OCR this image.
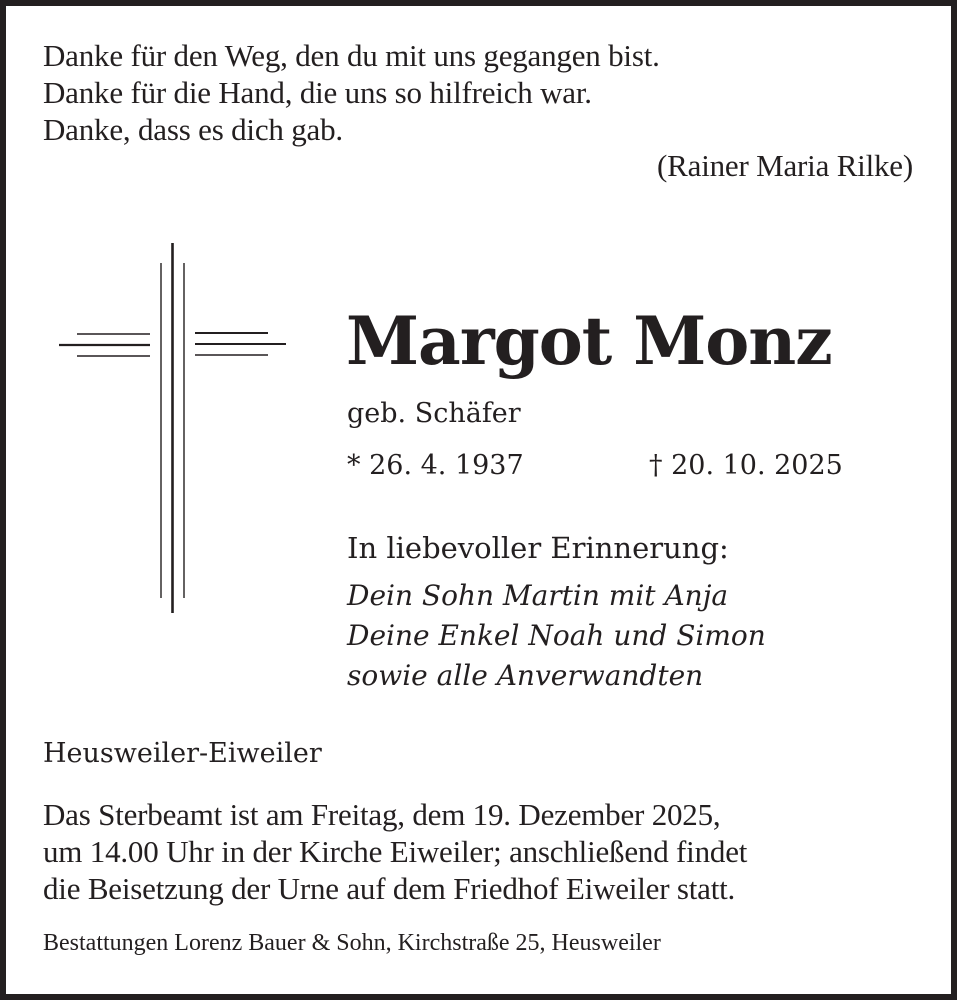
Danke für den Weg, den du mit uns gegangen bist.
Danke für die Hand, die uns so hilfreich war.
Danke, dass es dich gab.
(Rainer Maria Rilke)
Margot Monz
geb. Schäfer
* 26. 4. 1937	† 20. 10. 2025
In liebevoller Erinnerung:
Dein Sohn Martin mit Anja
Deine Enkel Noah und Simon
sowie alle Anverwandten
Heusweiler-Eiweiler
Das Sterbeamt ist am Freitag, dem 19. Dezember 2025,
um 14.00 Uhr in der Kirche Eiweiler; anschließend findet
die Beisetzung der Urne auf dem Friedhof Eiweiler statt.
Bestattungen Lorenz Bauer & Sohn, Kirchstraße 25, Heusweiler
